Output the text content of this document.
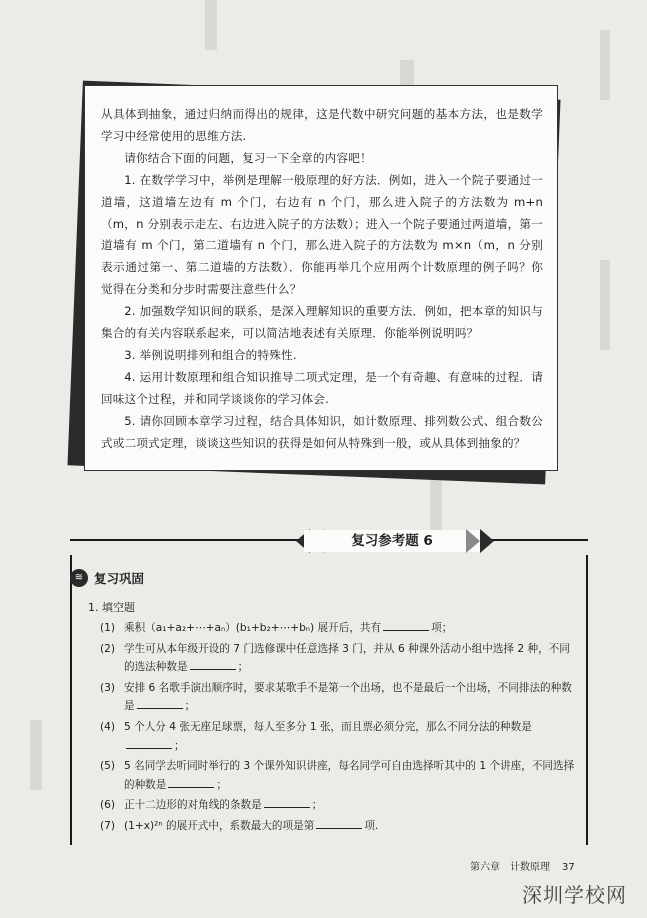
从具体到抽象，通过归纳而得出的规律，这是代数中研究问题的基本方法，也是数学学习中经常使用的思维方法.

请你结合下面的问题，复习一下全章的内容吧！

1. 在数学学习中，举例是理解一般原理的好方法．例如，进入一个院子要通过一道墙，这道墙左边有 m 个门，右边有 n 个门，那么进入院子的方法数为 m+n（m，n 分别表示走左、右边进入院子的方法数）；进入一个院子要通过两道墙，第一道墙有 m 个门，第二道墙有 n 个门，那么进入院子的方法数为 m×n（m，n 分别表示通过第一、第二道墙的方法数）．你能再举几个应用两个计数原理的例子吗？你觉得在分类和分步时需要注意些什么？

2. 加强数学知识间的联系，是深入理解知识的重要方法．例如，把本章的知识与集合的有关内容联系起来，可以简洁地表述有关原理．你能举例说明吗？

3. 举例说明排列和组合的特殊性.

4. 运用计数原理和组合知识推导二项式定理，是一个有奇趣、有意味的过程．请回味这个过程，并和同学谈谈你的学习体会.

5. 请你回顾本章学习过程，结合具体知识，如计数原理、排列数公式、组合数公式或二项式定理，谈谈这些知识的获得是如何从特殊到一般，或从具体到抽象的？

复习参考题 6
≋ 复习巩固
1. 填空题
(1) 乘积（a₁+a₂+⋯+aₙ）(b₁+b₂+⋯+bₙ) 展开后，共有	项；
(2) 学生可从本年级开设的 7 门选修课中任意选择 3 门，并从 6 种课外活动小组中选择 2 种，不同的选法种数是	；
(3) 安排 6 名歌手演出顺序时，要求某歌手不是第一个出场，也不是最后一个出场，不同排法的种数是	；
(4) 5 个人分 4 张无座足球票，每人至多分 1 张，而且票必须分完，那么不同分法的种数是；
(5) 5 名同学去听同时举行的 3 个课外知识讲座，每名同学可自由选择听其中的 1 个讲座，不同选择的种数是	；
(6) 正十二边形的对角线的条数是	；
(7) (1+x)²ⁿ 的展开式中，系数最大的项是第	项.
第六章　计数原理 37
深圳学校网
